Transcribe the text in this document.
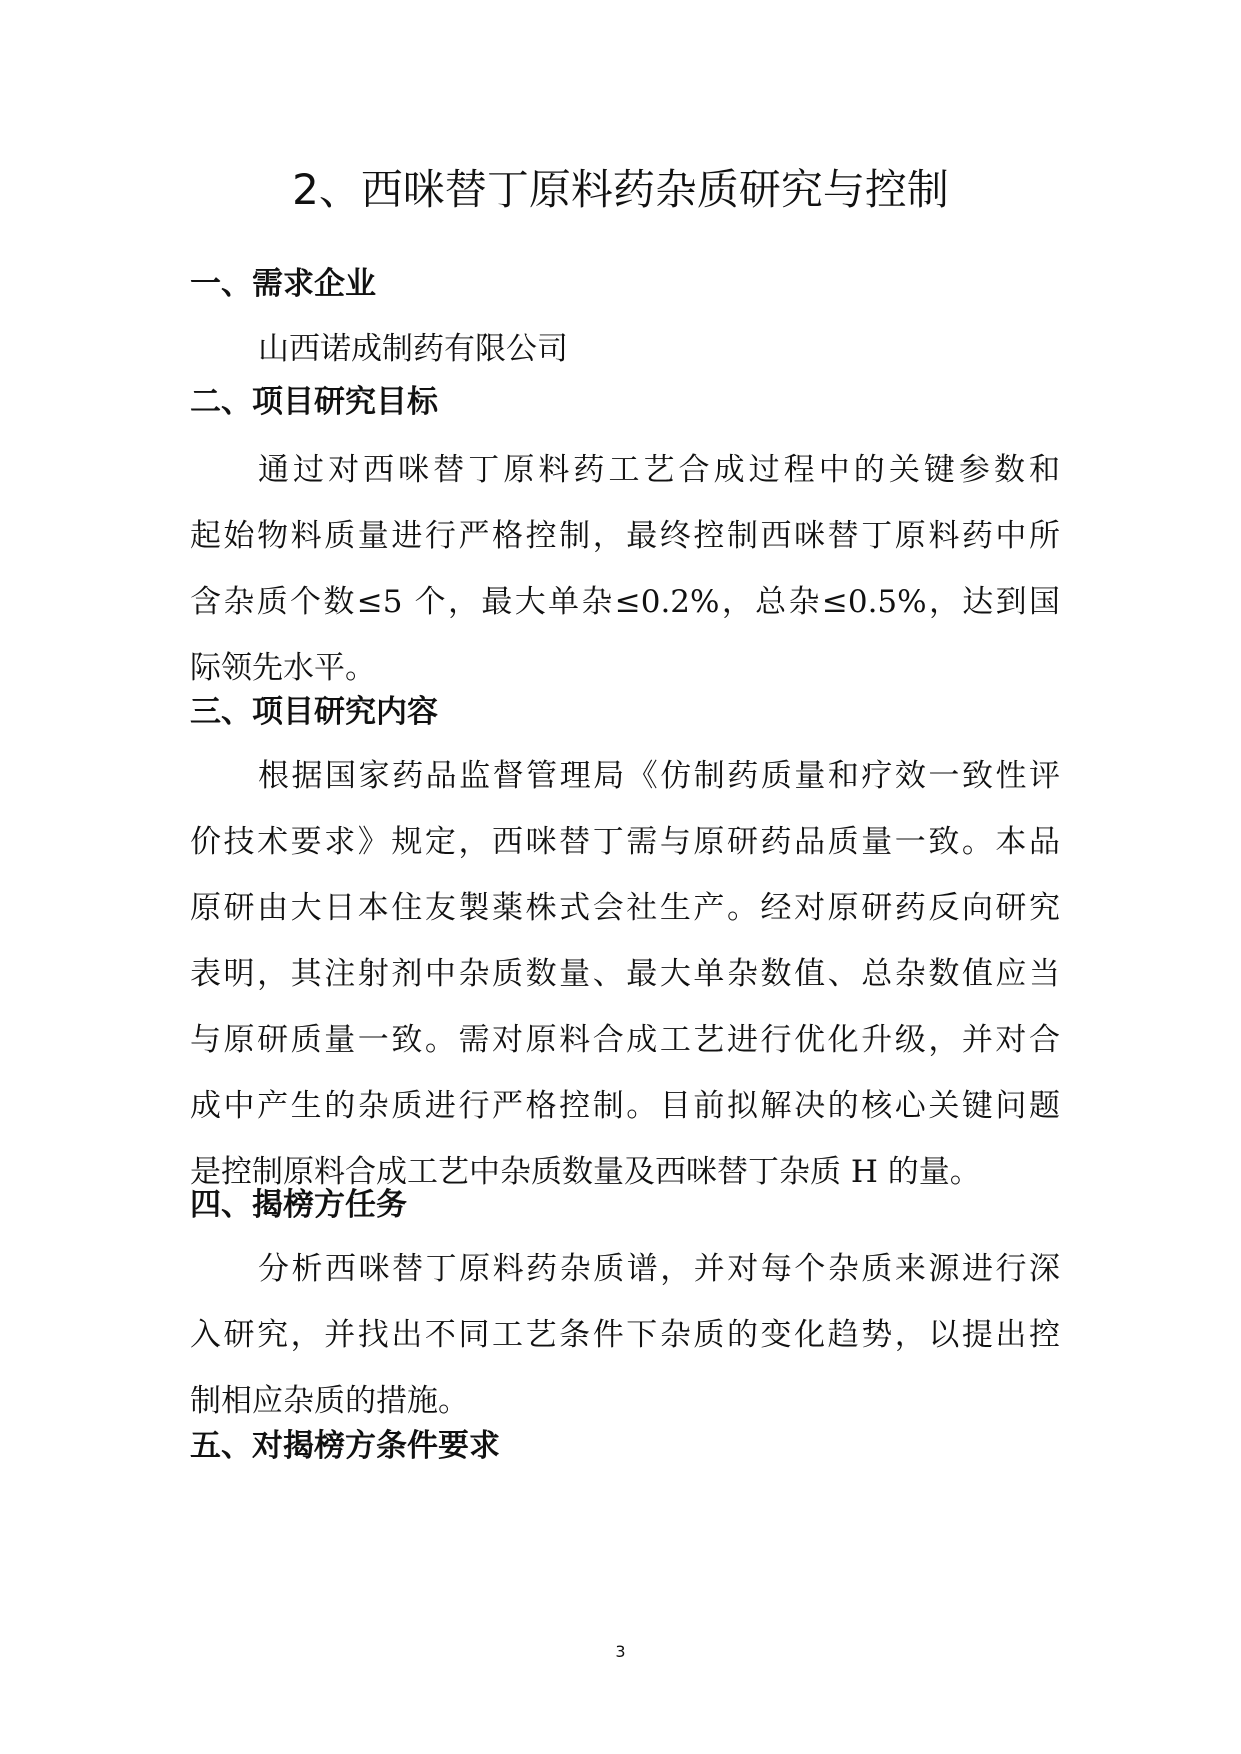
2、西咪替丁原料药杂质研究与控制
一、需求企业
山西诺成制药有限公司
二、项目研究目标
通过对西咪替丁原料药工艺合成过程中的关键参数和
起始物料质量进行严格控制，最终控制西咪替丁原料药中所
含杂质个数≤5 个，最大单杂≤0.2%，总杂≤0.5%，达到国
际领先水平。
三、项目研究内容
根据国家药品监督管理局《仿制药质量和疗效一致性评
价技术要求》规定，西咪替丁需与原研药品质量一致。本品
原研由大日本住友製薬株式会社生产。经对原研药反向研究
表明，其注射剂中杂质数量、最大单杂数值、总杂数值应当
与原研质量一致。需对原料合成工艺进行优化升级，并对合
成中产生的杂质进行严格控制。目前拟解决的核心关键问题
是控制原料合成工艺中杂质数量及西咪替丁杂质 H 的量。
四、揭榜方任务
分析西咪替丁原料药杂质谱，并对每个杂质来源进行深
入研究，并找出不同工艺条件下杂质的变化趋势，以提出控
制相应杂质的措施。
五、对揭榜方条件要求
3
